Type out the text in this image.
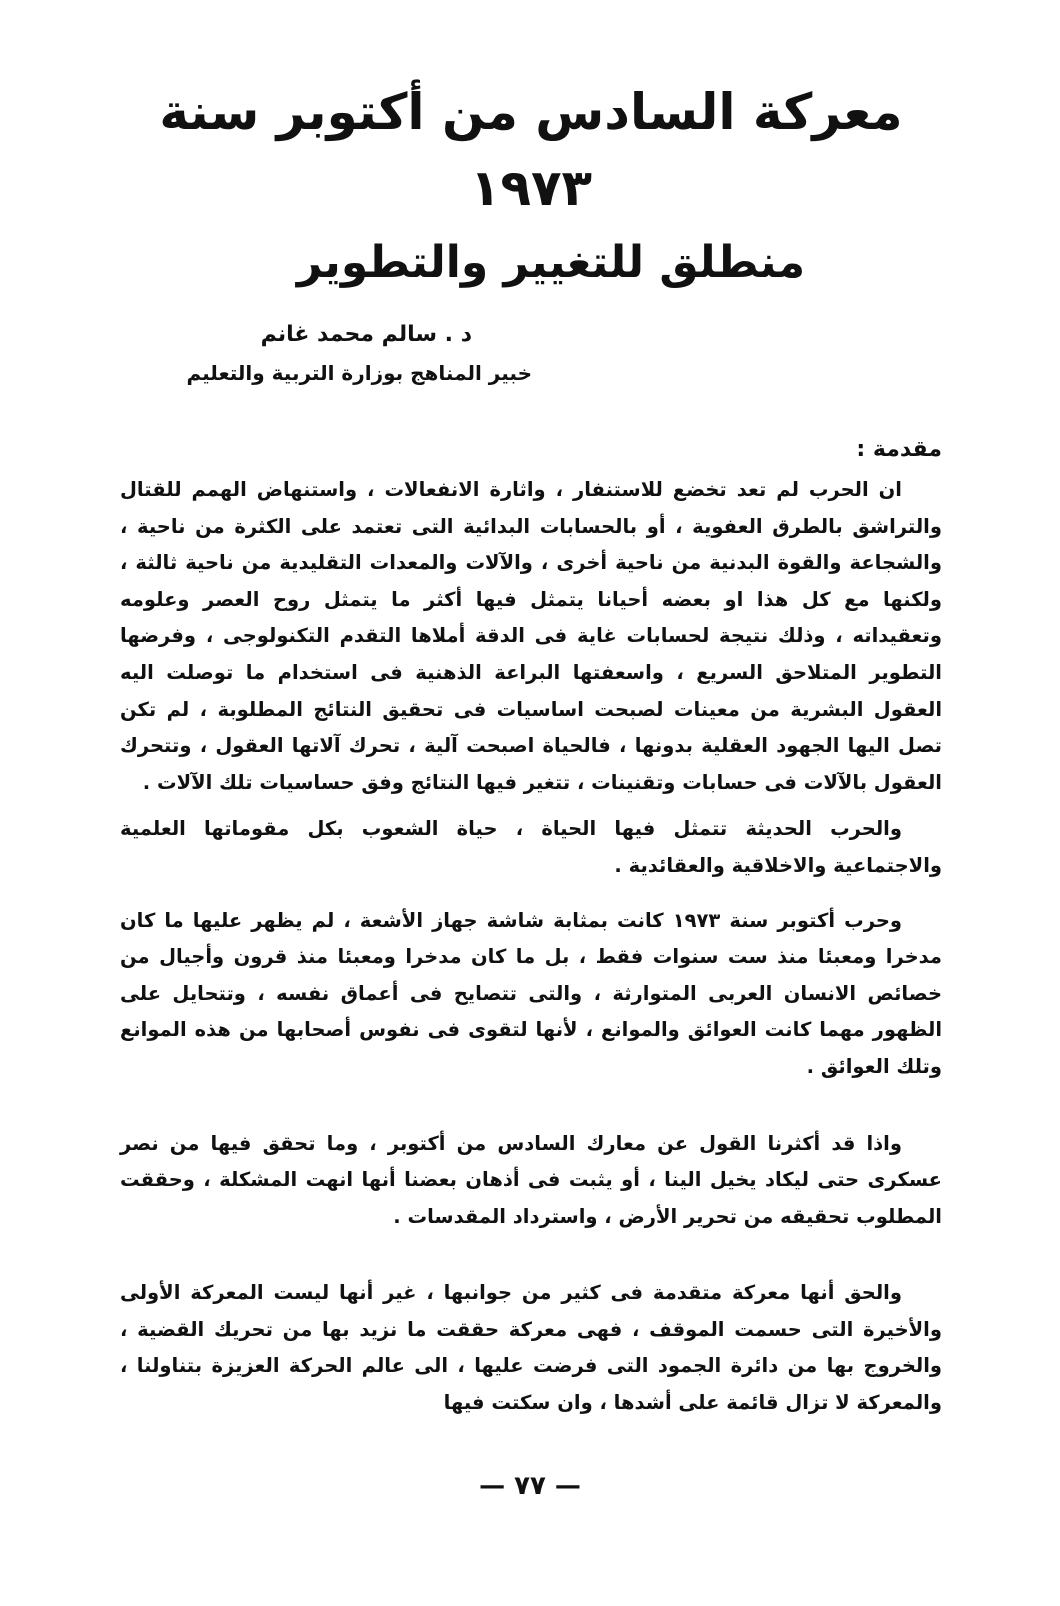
معركة السادس من أكتوبر سنة ١٩٧٣
منطلق للتغيير والتطوير
د . سالم محمد غانم
خبير المناهج بوزارة التربية والتعليم
مقدمة :

ان الحرب لم تعد تخضع للاستنفار ، واثارة الانفعالات ، واستنهاض الهمم للقتال والتراشق بالطرق العفوية ، أو بالحسابات البدائية التى تعتمد على الكثرة من ناحية ، والشجاعة والقوة البدنية من ناحية أخرى ، والآلات والمعدات التقليدية من ناحية ثالثة ، ولكنها مع كل هذا او بعضه أحيانا يتمثل فيها أكثر ما يتمثل روح العصر وعلومه وتعقيداته ، وذلك نتيجة لحسابات غاية فى الدقة أملاها التقدم التكنولوجى ، وفرضها التطوير المتلاحق السريع ، واسعفتها البراعة الذهنية فى استخدام ما توصلت اليه العقول البشرية من معينات لصبحت اساسيات فى تحقيق النتائج المطلوبة ، لم تكن تصل اليها الجهود العقلية بدونها ، فالحياة اصبحت آلية ، تحرك آلاتها العقول ، وتتحرك العقول بالآلات فى حسابات وتقنينات ، تتغير فيها النتائج وفق حساسيات تلك الآلات .

والحرب الحديثة تتمثل فيها الحياة ، حياة الشعوب بكل مقوماتها العلمية والاجتماعية والاخلاقية والعقائدية .

وحرب أكتوبر سنة ١٩٧٣ كانت بمثابة شاشة جهاز الأشعة ، لم يظهر عليها ما كان مدخرا ومعبئا منذ ست سنوات فقط ، بل ما كان مدخرا ومعبئا منذ قرون وأجيال من خصائص الانسان العربى المتوارثة ، والتى تتصايح فى أعماق نفسه ، وتتحايل على الظهور مهما كانت العوائق والموانع ، لأنها لتقوى فى نفوس أصحابها من هذه الموانع وتلك العوائق .

واذا قد أكثرنا القول عن معارك السادس من أكتوبر ، وما تحقق فيها من نصر عسكرى حتى ليكاد يخيل الينا ، أو يثبت فى أذهان بعضنا أنها انهت المشكلة ، وحققت المطلوب تحقيقه من تحرير الأرض ، واسترداد المقدسات .

والحق أنها معركة متقدمة فى كثير من جوانبها ، غير أنها ليست المعركة الأولى والأخيرة التى حسمت الموقف ، فهى معركة حققت ما نزيد بها من تحريك القضية ، والخروج بها من دائرة الجمود التى فرضت عليها ، الى عالم الحركة العزيزة بتناولنا ، والمعركة لا تزال قائمة على أشدها ، وان سكتت فيها

— ٧٧ —
